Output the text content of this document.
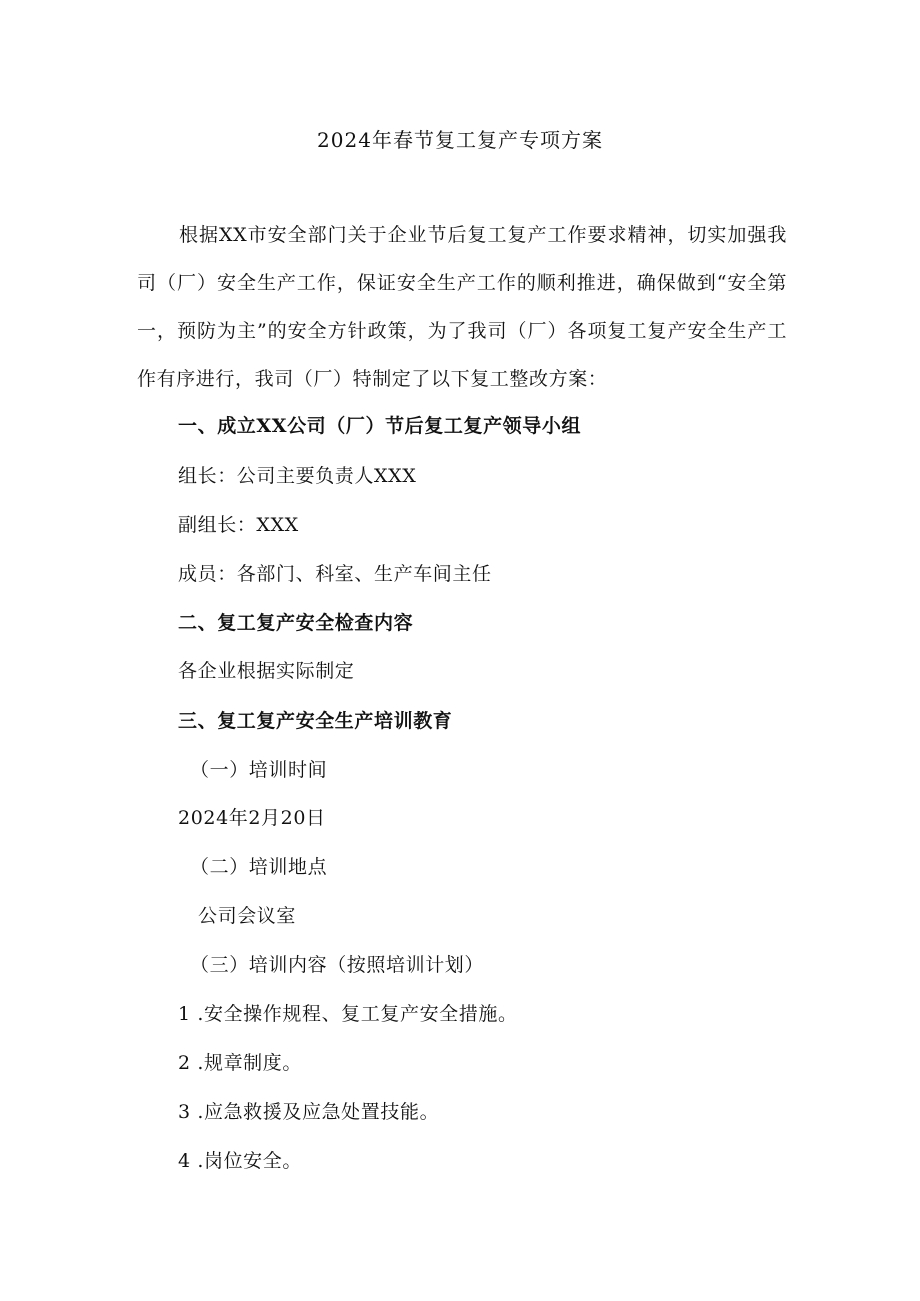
2024年春节复工复产专项方案
根据XX市安全部门关于企业节后复工复产工作要求精神，切实加强我司（厂）安全生产工作，保证安全生产工作的顺利推进，确保做到“安全第一，预防为主”的安全方针政策，为了我司（厂）各项复工复产安全生产工作有序进行，我司（厂）特制定了以下复工整改方案：
一、成立XX公司（厂）节后复工复产领导小组
组长：公司主要负责人XXX
副组长：XXX
成员：各部门、科室、生产车间主任
二、复工复产安全检查内容
各企业根据实际制定
三、复工复产安全生产培训教育
（一）培训时间
2024年2月20日
（二）培训地点
公司会议室
（三）培训内容（按照培训计划）
1 .安全操作规程、复工复产安全措施。
2 .规章制度。
3 .应急救援及应急处置技能。
4 .岗位安全。
